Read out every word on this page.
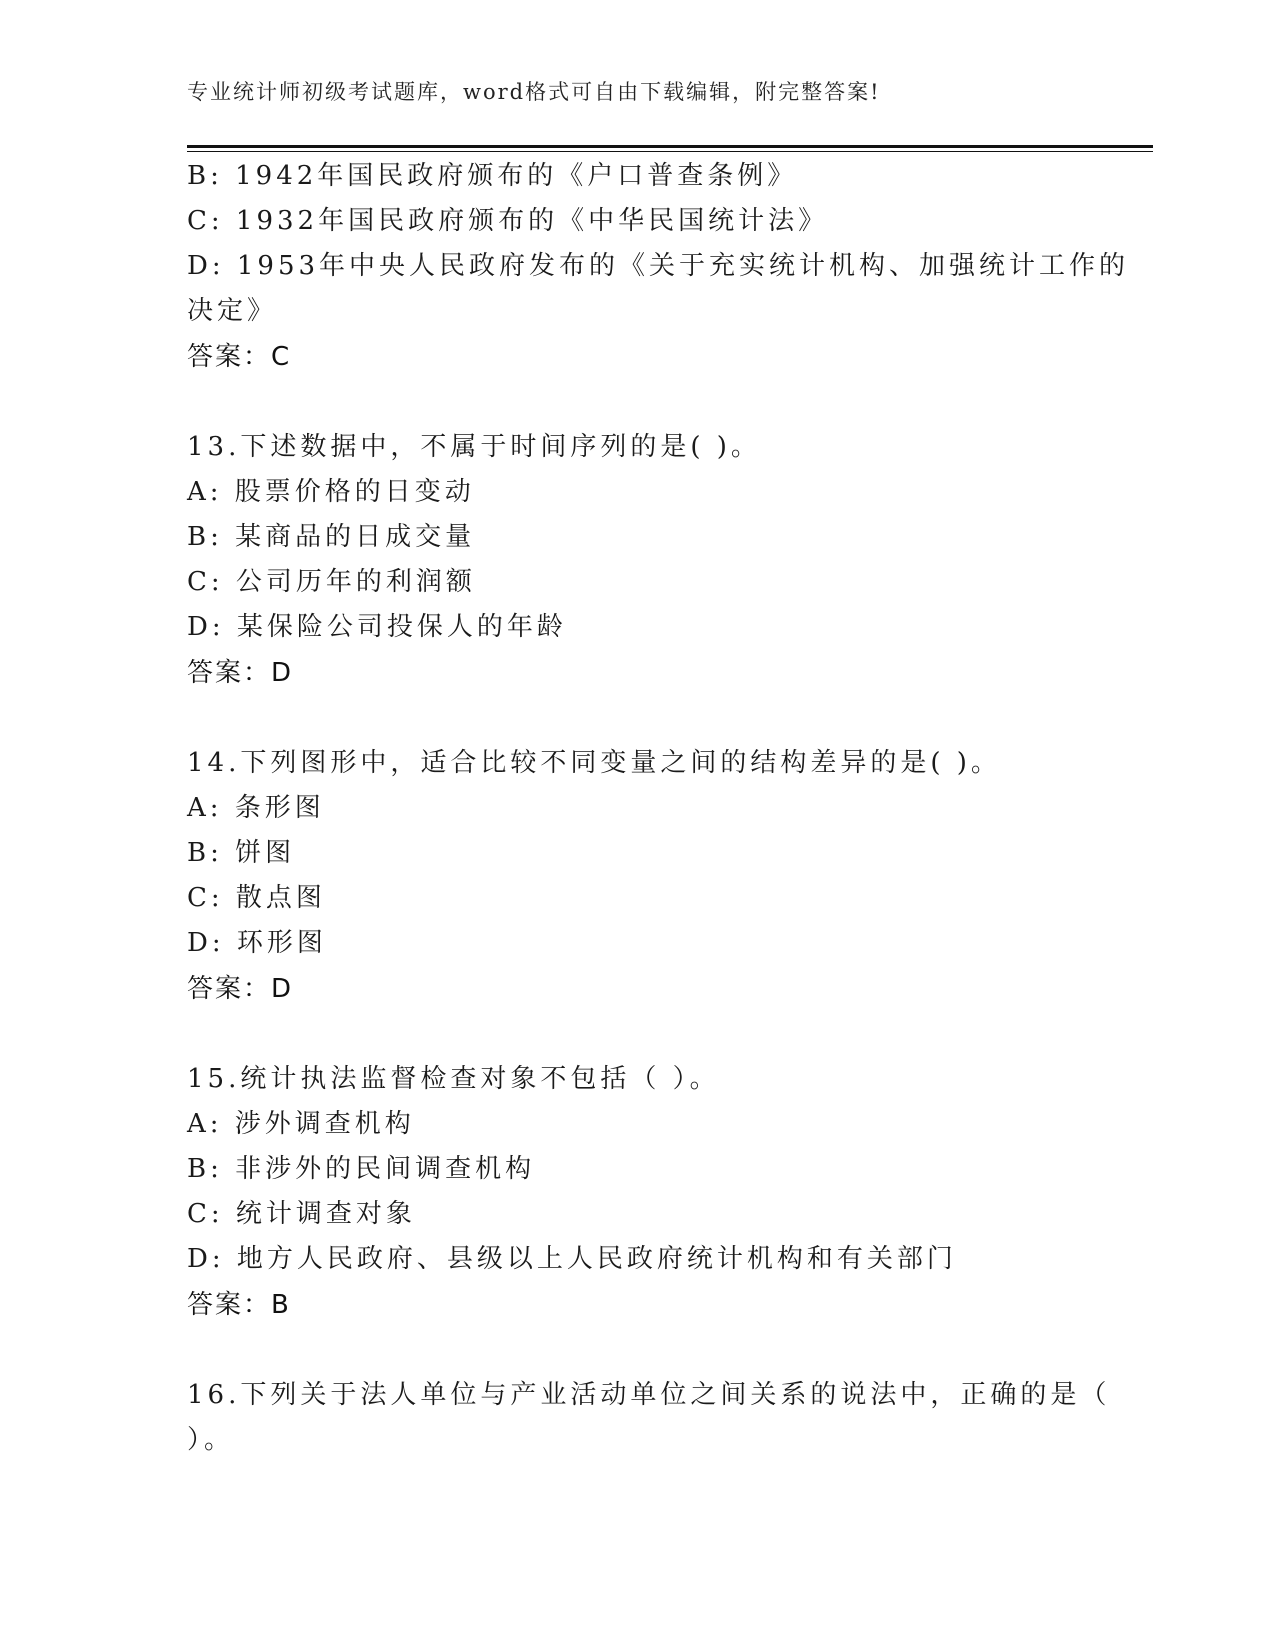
专业统计师初级考试题库，word格式可自由下载编辑，附完整答案!
B: 1942年国民政府颁布的《户口普查条例》
C: 1932年国民政府颁布的《中华民国统计法》
D: 1953年中央人民政府发布的《关于充实统计机构、加强统计工作的
决定》
答案：C
13.下述数据中，不属于时间序列的是( )。
A: 股票价格的日变动
B: 某商品的日成交量
C: 公司历年的利润额
D: 某保险公司投保人的年龄
答案：D
14.下列图形中，适合比较不同变量之间的结构差异的是( )。
A: 条形图
B: 饼图
C: 散点图
D: 环形图
答案：D
15.统计执法监督检查对象不包括（ ）。
A: 涉外调查机构
B: 非涉外的民间调查机构
C: 统计调查对象
D: 地方人民政府、县级以上人民政府统计机构和有关部门
答案：B
16.下列关于法人单位与产业活动单位之间关系的说法中，正确的是（
）。
